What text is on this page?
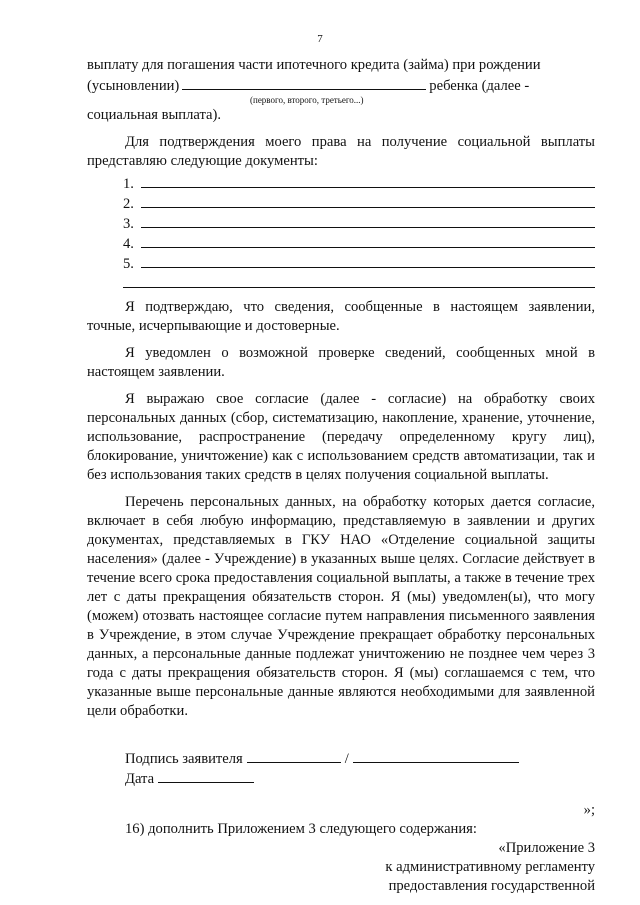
7

выплату для погашения части ипотечного кредита (займа) при рождении

(усыновлении)	ребенка (далее -
(первого, второго, третьего...)

социальная выплата).

Для подтверждения моего права на получение социальной выплаты представляю следующие документы:

1.
2.
3.
4.
5.

Я подтверждаю, что сведения, сообщенные в настоящем заявлении, точные, исчерпывающие и достоверные.

Я уведомлен о возможной проверке сведений, сообщенных мной в настоящем заявлении.

Я выражаю свое согласие (далее - согласие) на обработку своих персональных данных (сбор, систематизацию, накопление, хранение, уточнение, использование, распространение (передачу определенному кругу лиц), блокирование, уничтожение) как с использованием средств автоматизации, так и без использования таких средств в целях получения социальной выплаты.

Перечень персональных данных, на обработку которых дается согласие, включает в себя любую информацию, представляемую в заявлении и других документах, представляемых в ГКУ НАО «Отделение социальной защиты населения» (далее - Учреждение) в указанных выше целях. Согласие действует в течение всего срока предоставления социальной выплаты, а также в течение трех лет с даты прекращения обязательств сторон. Я (мы) уведомлен(ы), что могу (можем) отозвать настоящее согласие путем направления письменного заявления в Учреждение, в этом случае Учреждение прекращает обработку персональных данных, а персональные данные подлежат уничтожению не позднее чем через 3 года с даты прекращения обязательств сторон. Я (мы) соглашаемся с тем, что указанные выше персональные данные являются необходимыми для заявленной цели обработки.

Подпись заявителя	/
Дата

»;

16) дополнить Приложением 3 следующего содержания:

«Приложение 3
к административному регламенту
предоставления государственной
